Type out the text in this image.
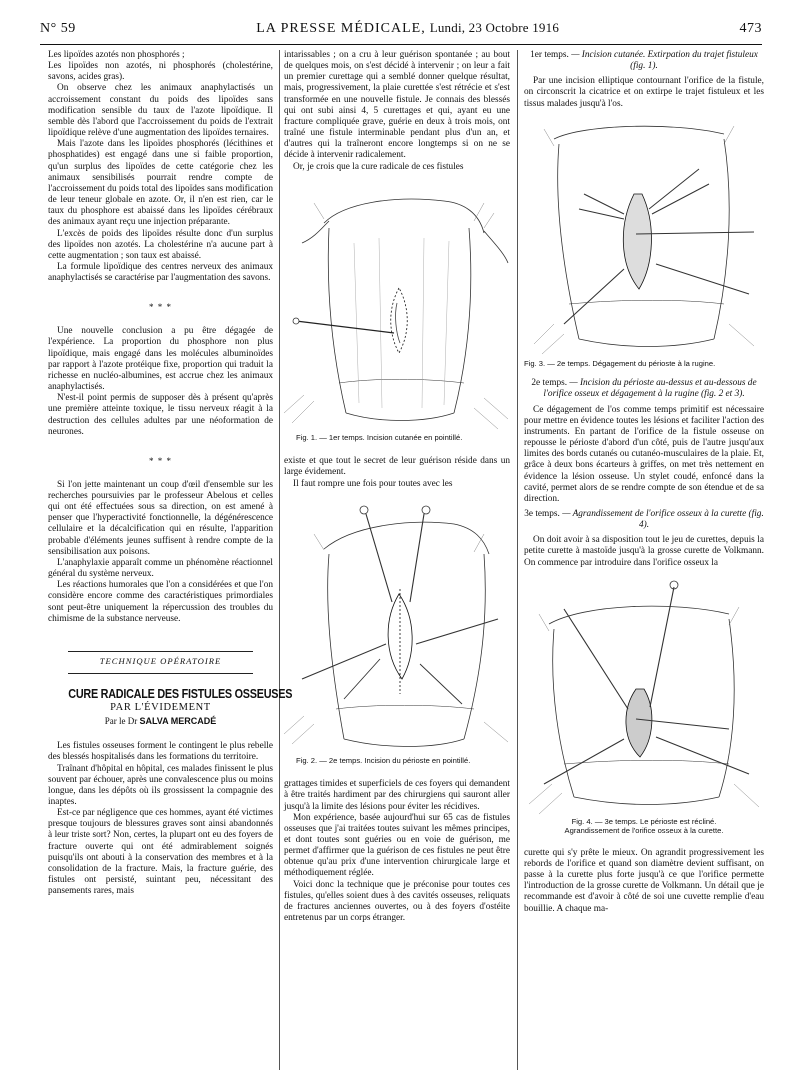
N° 59	LA PRESSE MÉDICALE, Lundi, 23 Octobre 1916	473

Les lipoïdes azotés non phosphorés ;

Les lipoïdes non azotés, ni phosphorés (cholestérine, savons, acides gras).

On observe chez les animaux anaphylactisés un accroissement constant du poids des lipoïdes sans modification sensible du taux de l'azote lipoïdique. Il semble dès l'abord que l'accroissement du poids de l'extrait lipoïdique relève d'une augmentation des lipoïdes ternaires.

Mais l'azote dans les lipoïdes phosphorés (lécithines et phosphatides) est engagé dans une si faible proportion, qu'un surplus des lipoïdes de cette catégorie chez les animaux sensibilisés pourrait rendre compte de l'accroissement du poids total des lipoïdes sans modification de leur teneur globale en azote. Or, il n'en est rien, car le taux du phosphore est abaissé dans les lipoïdes cérébraux des animaux ayant reçu une injection préparante.

L'excès de poids des lipoïdes résulte donc d'un surplus des lipoïdes non azotés. La cholestérine n'a aucune part à cette augmentation ; son taux est abaissé.

La formule lipoïdique des centres nerveux des animaux anaphylactisés se caractérise par l'augmentation des savons.

* * *

Une nouvelle conclusion a pu être dégagée de l'expérience. La proportion du phosphore non plus lipoïdique, mais engagé dans les molécules albuminoïdes par rapport à l'azote protéique fixe, proportion qui traduit la richesse en nucléo-albumines, est accrue chez les animaux anaphylactisés.

N'est-il point permis de supposer dès à présent qu'après une première atteinte toxique, le tissu nerveux réagit à la destruction des cellules adultes par une néoformation de neurones.

* * *

Si l'on jette maintenant un coup d'œil d'ensemble sur les recherches poursuivies par le professeur Abelous et celles qui ont été effectuées sous sa direction, on est amené à penser que l'hyperactivité fonctionnelle, la dégénérescence cellulaire et la décalcification qui en résulte, l'apparition probable d'éléments jeunes suffisent à rendre compte de la sensibilisation aux poisons.

L'anaphylaxie apparaît comme un phénomène réactionnel général du système nerveux.

Les réactions humorales que l'on a considérées et que l'on considère encore comme des caractéristiques primordiales sont peut-être uniquement la répercussion des troubles du chimisme de la substance nerveuse.

TECHNIQUE OPÉRATOIRE
CURE RADICALE DES FISTULES OSSEUSES
PAR L'ÉVIDEMENT
Par le Dr SALVA MERCADÉ

Les fistules osseuses forment le contingent le plus rebelle des blessés hospitalisés dans les formations du territoire.

Traînant d'hôpital en hôpital, ces malades finissent le plus souvent par échouer, après une convalescence plus ou moins longue, dans les dépôts où ils grossissent la compagnie des inaptes.

Est-ce par négligence que ces hommes, ayant été victimes presque toujours de blessures graves sont ainsi abandonnés à leur triste sort? Non, certes, la plupart ont eu des foyers de fracture ouverte qui ont été admirablement soignés puisqu'ils ont abouti à la conservation des membres et à la consolidation de la fracture. Mais, la fracture guérie, des fistules ont persisté, suintant peu, nécessitant des pansements rares, mais

intarissables ; on a cru à leur guérison spontanée ; au bout de quelques mois, on s'est décidé à intervenir ; on leur a fait un premier curettage qui a semblé donner quelque résultat, mais, progressivement, la plaie curettée s'est rétrécie et s'est transformée en une nouvelle fistule. Je connais des blessés qui ont subi ainsi 4, 5 curettages et qui, ayant eu une fracture compliquée grave, guérie en deux à trois mois, ont traîné une fistule interminable pendant plus d'un an, et d'autres qui la traîneront encore longtemps si on ne se décide à intervenir radicalement.

Or, je crois que la cure radicale de ces fistules

Fig. 1. — 1er temps. Incision cutanée en pointillé.

existe et que tout le secret de leur guérison réside dans un large évidement.

Il faut rompre une fois pour toutes avec les

Fig. 2. — 2e temps. Incision du périoste en pointillé.

grattages timides et superficiels de ces foyers qui demandent à être traités hardiment par des chirurgiens qui sauront aller jusqu'à la limite des lésions pour éviter les récidives.

Mon expérience, basée aujourd'hui sur 65 cas de fistules osseuses que j'ai traitées toutes suivant les mêmes principes, et dont toutes sont guéries ou en voie de guérison, me permet d'affirmer que la guérison de ces fistules ne peut être obtenue qu'au prix d'une intervention chirurgicale large et méthodiquement réglée.

Voici donc la technique que je préconise pour toutes ces fistules, qu'elles soient dues à des cavités osseuses, reliquats de fractures anciennes ouvertes, ou à des foyers d'ostéite entretenus par un corps étranger.

1er temps. — Incision cutanée. Extirpation du trajet fistuleux (fig. 1).

Par une incision elliptique contournant l'orifice de la fistule, on circonscrit la cicatrice et on extirpe le trajet fistuleux et les tissus malades jusqu'à l'os.

Fig. 3. — 2e temps. Dégagement du périoste à la rugine.

2e temps. — Incision du périoste au-dessus et au-dessous de l'orifice osseux et dégagement à la rugine (fig. 2 et 3).

Ce dégagement de l'os comme temps primitif est nécessaire pour mettre en évidence toutes les lésions et faciliter l'action des instruments. En partant de l'orifice de la fistule osseuse on repousse le périoste d'abord d'un côté, puis de l'autre jusqu'aux limites des bords cutanés ou cutanéo-musculaires de la plaie. Et, grâce à deux bons écarteurs à griffes, on met très nettement en évidence la lésion osseuse. Un stylet coudé, enfoncé dans la cavité, permet alors de se rendre compte de son étendue et de sa direction.

3e temps. — Agrandissement de l'orifice osseux à la curette (fig. 4).

On doit avoir à sa disposition tout le jeu de curettes, depuis la petite curette à mastoïde jusqu'à la grosse curette de Volkmann. On commence par introduire dans l'orifice osseux la

Fig. 4. — 3e temps. Le périoste est récliné.
Agrandissement de l'orifice osseux à la curette.

curette qui s'y prête le mieux. On agrandit progressivement les rebords de l'orifice et quand son diamètre devient suffisant, on passe à la curette plus forte jusqu'à ce que l'orifice permette l'introduction de la grosse curette de Volkmann. Un détail que je recommande est d'avoir à côté de soi une cuvette remplie d'eau bouillie. A chaque ma-
